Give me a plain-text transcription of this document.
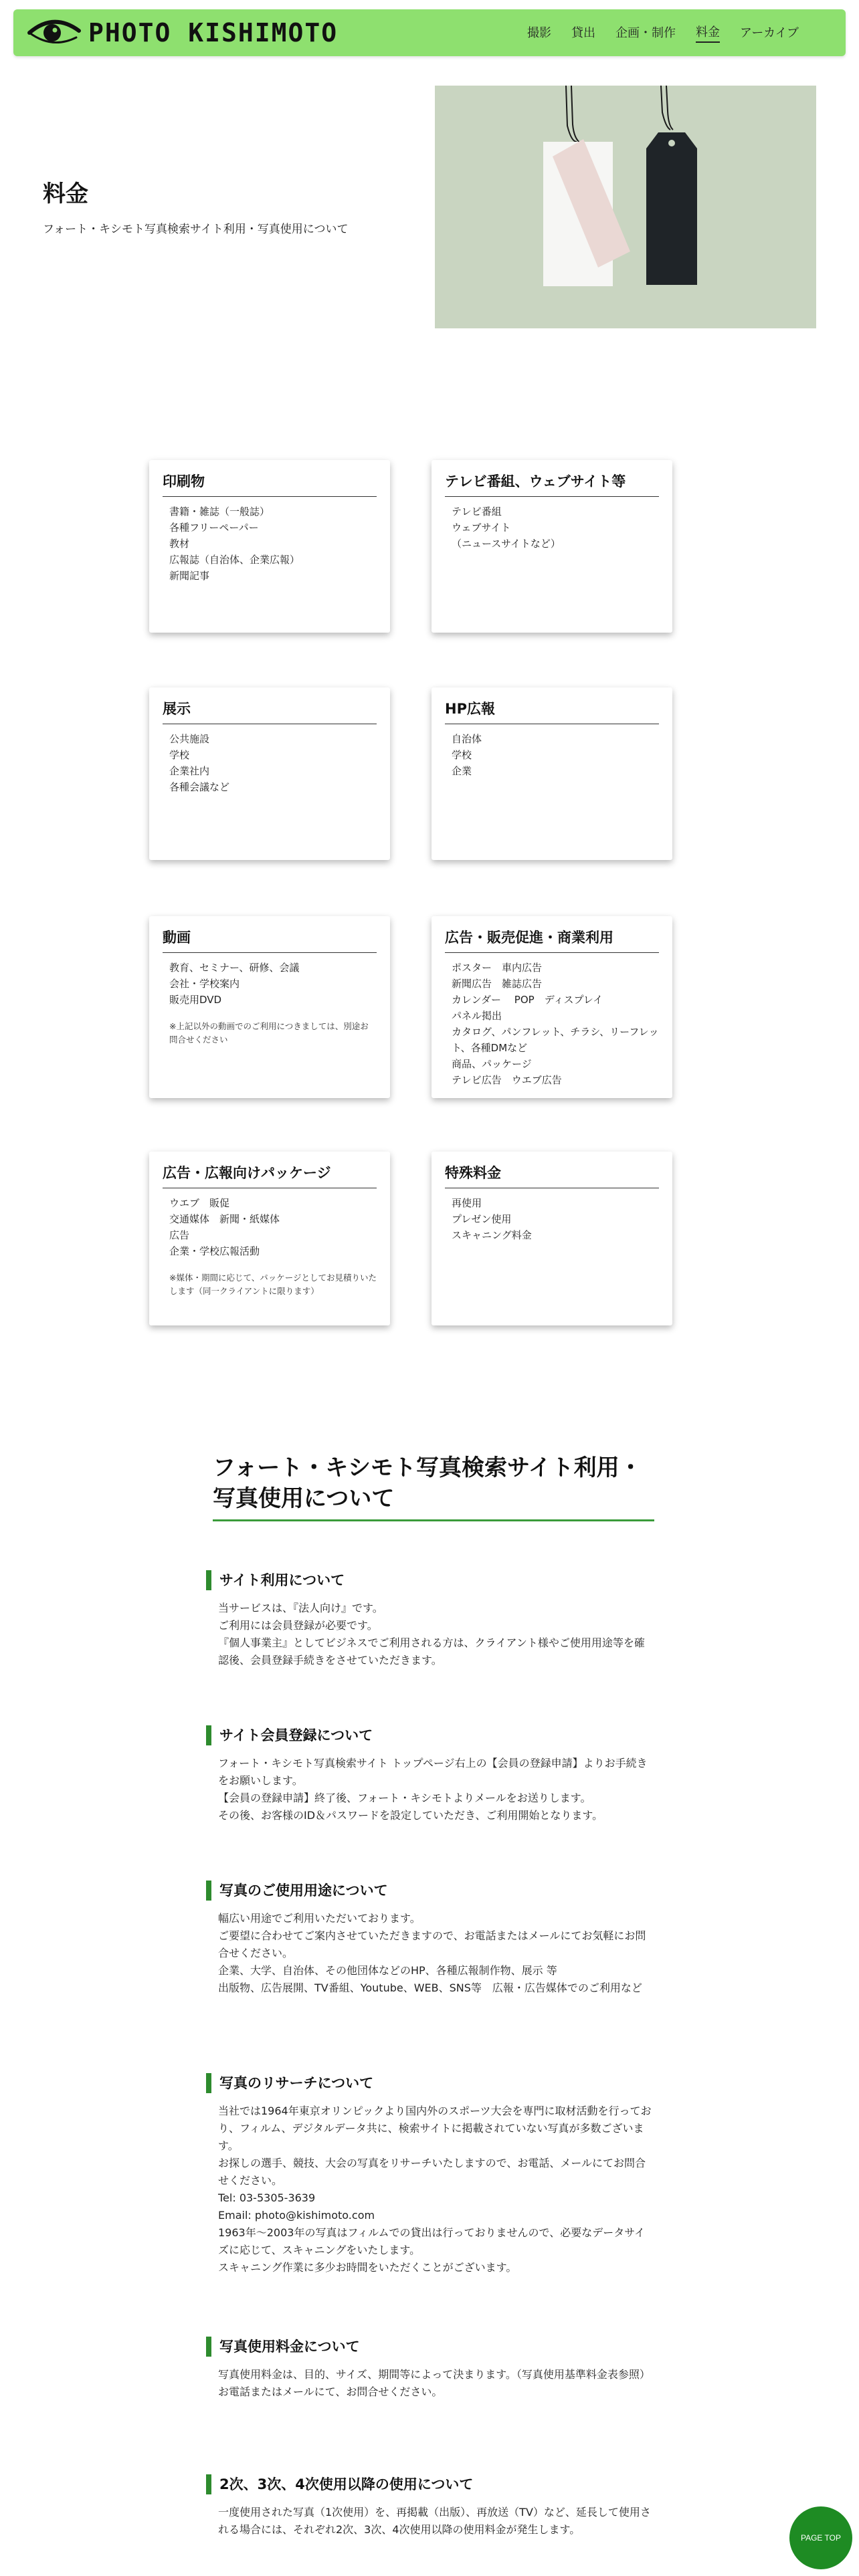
PHOTO KISHIMOTO	撮影 貸出 企画・制作 料金 アーカイブ
料金

フォート・キシモト写真検索サイト利用・写真使用について

印刷物
書籍・雑誌（一般誌）
各種フリーペーパー
教材
広報誌（自治体、企業広報）
新聞記事
テレビ番組、ウェブサイト等
テレビ番組
ウェブサイト
（ニュースサイトなど）
展示
公共施設
学校
企業社内
各種会議など
HP広報
自治体
学校
企業
動画
教育、セミナー、研修、会議
会社・学校案内
販売用DVD

※上記以外の動画でのご利用につきましては、別途お問合せください

広告・販売促進・商業利用
ポスター　車内広告
新聞広告　雑誌広告
カレンダー　 POP　ディスプレイ
パネル掲出
カタログ、パンフレット、チラシ、リーフレット、各種DMなど
商品、パッケージ
テレビ広告　ウエブ広告
広告・広報向けパッケージ
ウエブ　販促
交通媒体　新聞・紙媒体
広告
企業・学校広報活動

※媒体・期間に応じて、パッケージとしてお見積りいたします（同一クライアントに限ります）

特殊料金
再使用
プレゼン使用
スキャニング料金
フォート・キシモト写真検索サイト利用・写真使用について
サイト利用について

当サービスは、『法人向け』です。
ご利用には会員登録が必要です。
『個人事業主』としてビジネスでご利用される方は、クライアント様やご使用用途等を確認後、会員登録手続きをさせていただきます。

サイト会員登録について

フォート・キシモト写真検索サイト トップページ右上の【会員の登録申請】よりお手続きをお願いします。
【会員の登録申請】終了後、フォート・キシモトよりメールをお送りします。
その後、お客様のID＆パスワードを設定していただき、ご利用開始となります。

写真のご使用用途について

幅広い用途でご利用いただいております。
ご要望に合わせてご案内させていただきますので、お電話またはメールにてお気軽にお問合せください。
企業、大学、自治体、その他団体などのHP、各種広報制作物、展示 等
出版物、広告展開、TV番組、Youtube、WEB、SNS等　広報・広告媒体でのご利用など

写真のリサーチについて

当社では1964年東京オリンピックより国内外のスポーツ大会を専門に取材活動を行っており、フィルム、デジタルデータ共に、検索サイトに掲載されていない写真が多数ございます。
お探しの選手、競技、大会の写真をリサーチいたしますので、お電話、メールにてお問合せください。
Tel: 03-5305-3639
Email: photo@kishimoto.com
1963年～2003年の写真はフィルムでの貸出は行っておりませんので、必要なデータサイズに応じて、スキャニングをいたします。
スキャニング作業に多少お時間をいただくことがございます。

写真使用料金について

写真使用料金は、目的、サイズ、期間等によって決まります。（写真使用基準料金表参照）
お電話またはメールにて、お問合せください。

2次、3次、4次使用以降の使用について

一度使用された写真（1次使用）を、再掲載（出版）、再放送（TV）など、延長して使用される場合には、それぞれ2次、3次、4次使用以降の使用料金が発生します。

PAGE TOP
